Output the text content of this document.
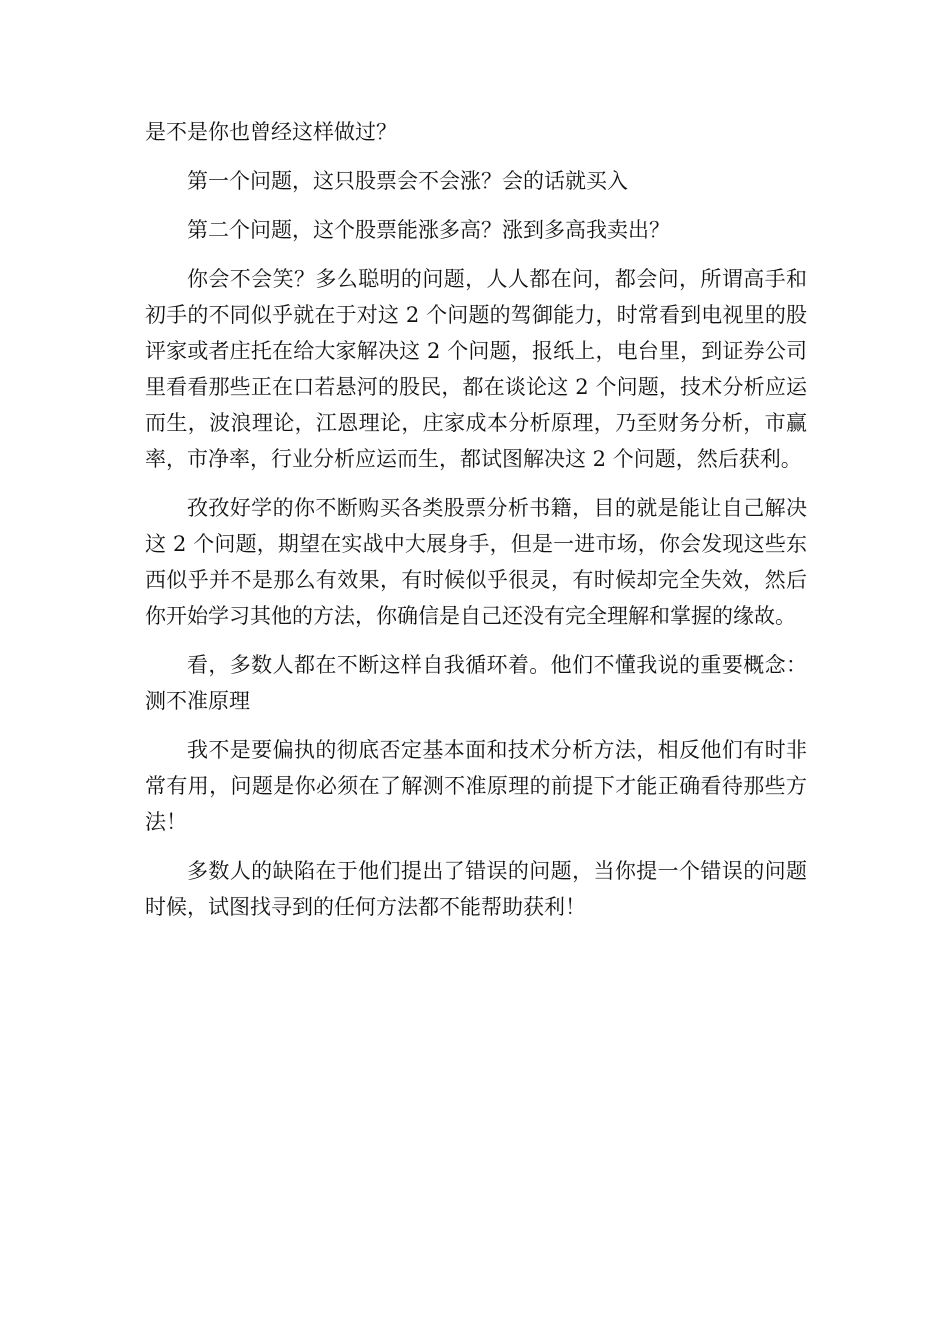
是不是你也曾经这样做过？

第一个问题，这只股票会不会涨？会的话就买入

第二个问题，这个股票能涨多高？涨到多高我卖出？

你会不会笑？多么聪明的问题，人人都在问，都会问，所谓高手和初手的不同似乎就在于对这 2 个问题的驾御能力，时常看到电视里的股评家或者庄托在给大家解决这 2 个问题，报纸上，电台里，到证券公司里看看那些正在口若悬河的股民，都在谈论这 2 个问题，技术分析应运而生，波浪理论，江恩理论，庄家成本分析原理，乃至财务分析，市赢率，市净率，行业分析应运而生，都试图解决这 2 个问题，然后获利。

孜孜好学的你不断购买各类股票分析书籍，目的就是能让自己解决这 2 个问题，期望在实战中大展身手，但是一进市场，你会发现这些东西似乎并不是那么有效果，有时候似乎很灵，有时候却完全失效，然后你开始学习其他的方法，你确信是自己还没有完全理解和掌握的缘故。

看，多数人都在不断这样自我循环着。他们不懂我说的重要概念：测不准原理

我不是要偏执的彻底否定基本面和技术分析方法，相反他们有时非常有用，问题是你必须在了解测不准原理的前提下才能正确看待那些方法！

多数人的缺陷在于他们提出了错误的问题，当你提一个错误的问题时候，试图找寻到的任何方法都不能帮助获利！
